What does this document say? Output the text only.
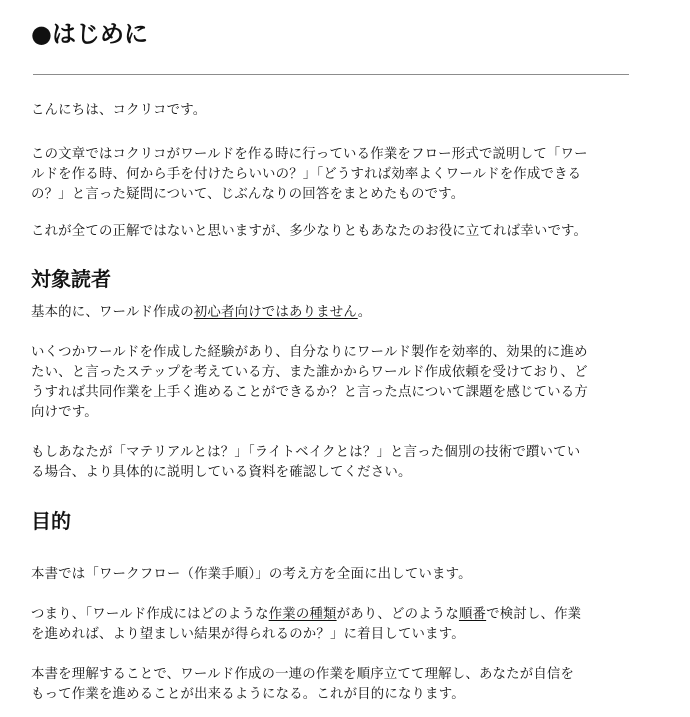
●はじめに

こんにちは、コクリコです。

この文章ではコクリコがワールドを作る時に行っている作業をフロー形式で説明して「ワー

ルドを作る時、何から手を付けたらいいの？」「どうすれば効率よくワールドを作成できる

の？」と言った疑問について、じぶんなりの回答をまとめたものです。

これが全ての正解ではないと思いますが、多少なりともあなたのお役に立てれば幸いです。

対象読者

基本的に、ワールド作成の初心者向けではありません。

いくつかワールドを作成した経験があり、自分なりにワールド製作を効率的、効果的に進め

たい、と言ったステップを考えている方、また誰かからワールド作成依頼を受けており、ど

うすれば共同作業を上手く進めることができるか？と言った点について課題を感じている方

向けです。

もしあなたが「マテリアルとは？」「ライトベイクとは？」と言った個別の技術で躓いてい

る場合、より具体的に説明している資料を確認してください。

目的

本書では「ワークフロー（作業手順）」の考え方を全面に出しています。

つまり、「ワールド作成にはどのような作業の種類があり、どのような順番で検討し、作業

を進めれば、より望ましい結果が得られるのか？」に着目しています。

本書を理解することで、ワールド作成の一連の作業を順序立てて理解し、あなたが自信を

もって作業を進めることが出来るようになる。これが目的になります。
